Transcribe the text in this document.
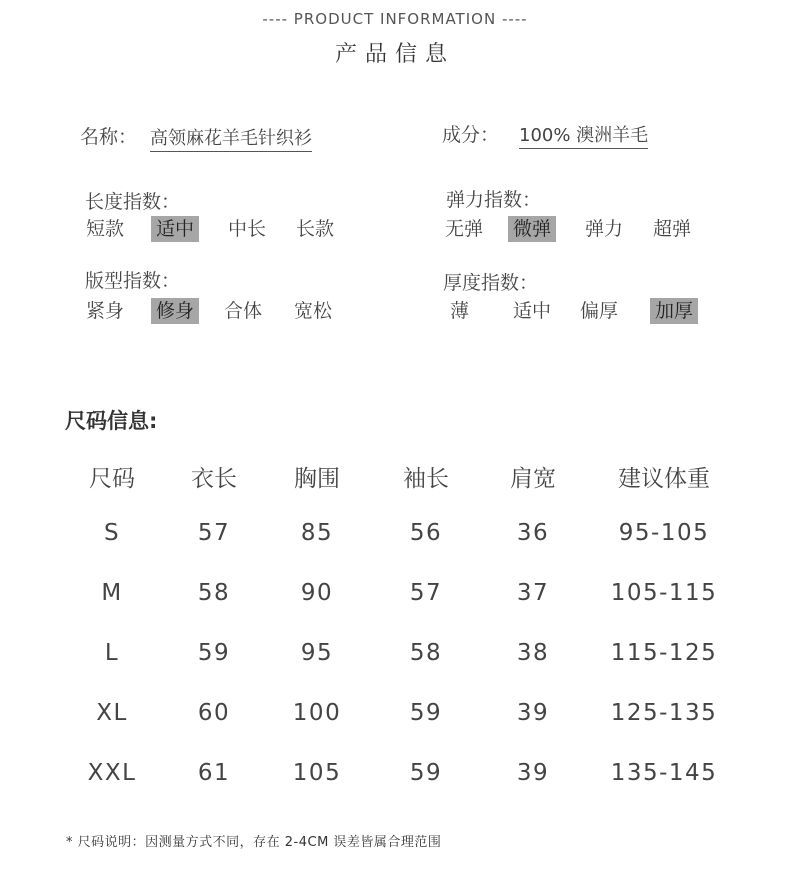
---- PRODUCT INFORMATION ----
产品信息
名称： 高领麻花羊毛针织衫	成分： 100% 澳洲羊毛
长度指数：
短款 适中 中长 长款
弹力指数：
无弹 微弹 弹力 超弹
版型指数：
紧身 修身 合体 宽松
厚度指数：
薄 适中 偏厚 加厚
尺码信息:
尺码	衣长	胸围	袖长	肩宽	建议体重
S	57	85	56	36	95-105
M	58	90	57	37	105-115
L	59	95	58	38	115-125
XL	60	100	59	39	125-135
XXL	61	105	59	39	135-145
* 尺码说明：因测量方式不同，存在 2-4CM 误差皆属合理范围
